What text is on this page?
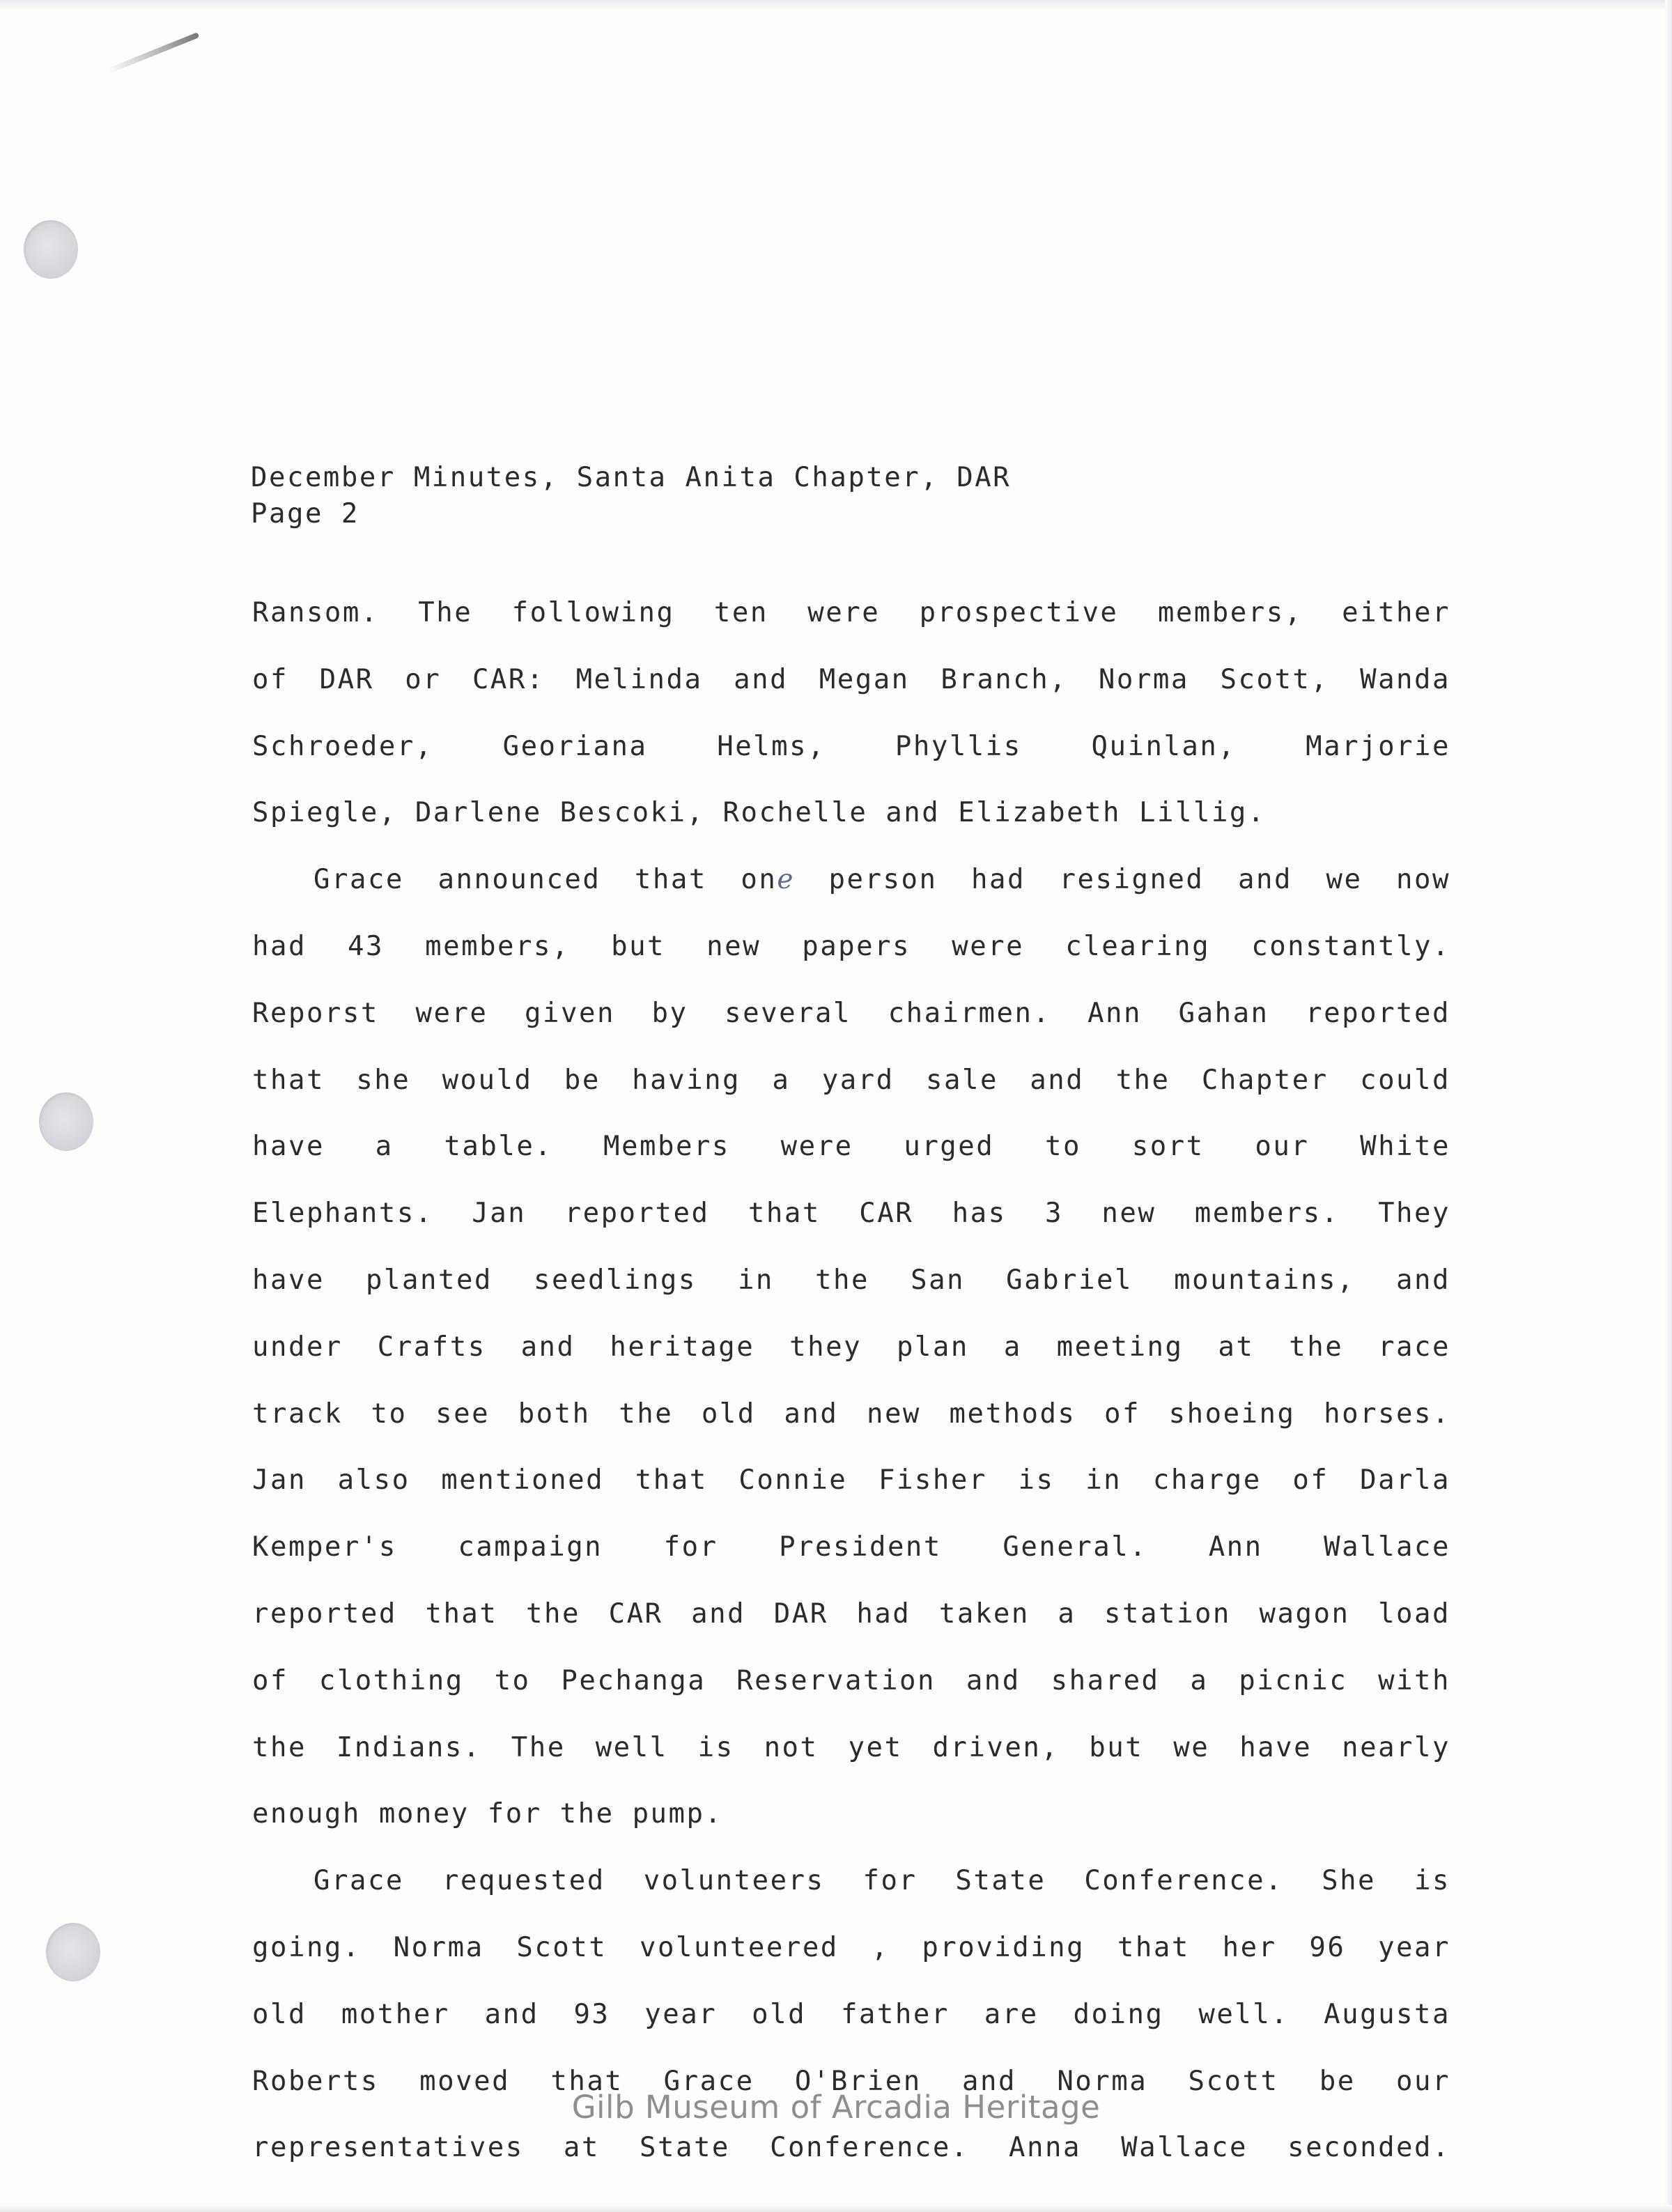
December Minutes, Santa Anita Chapter, DAR
Page 2
Ransom. The following ten were prospective members, either
of DAR or CAR: Melinda and Megan Branch, Norma Scott, Wanda
Schroeder, Georiana Helms, Phyllis Quinlan, Marjorie
Spiegle, Darlene Bescoki, Rochelle and Elizabeth Lillig.
Grace announced that one person had resigned and we now
had 43 members, but new papers were clearing constantly.
Reporst were given by several chairmen. Ann Gahan reported
that she would be having a yard sale and the Chapter could
have a table. Members were urged to sort our White
Elephants. Jan reported that CAR has 3 new members. They
have planted seedlings in the San Gabriel mountains, and
under Crafts and heritage they plan a meeting at the race
track to see both the old and new methods of shoeing horses.
Jan also mentioned that Connie Fisher is in charge of Darla
Kemper's campaign for President General. Ann Wallace
reported that the CAR and DAR had taken a station wagon load
of clothing to Pechanga Reservation and shared a picnic with
the Indians. The well is not yet driven, but we have nearly
enough money for the pump.
Grace requested volunteers for State Conference. She is
going. Norma Scott volunteered , providing that her 96 year
old mother and 93 year old father are doing well. Augusta
Roberts moved that Grace O'Brien and Norma Scott be our
representatives at State Conference. Anna Wallace seconded.
Gilb Museum of Arcadia Heritage
